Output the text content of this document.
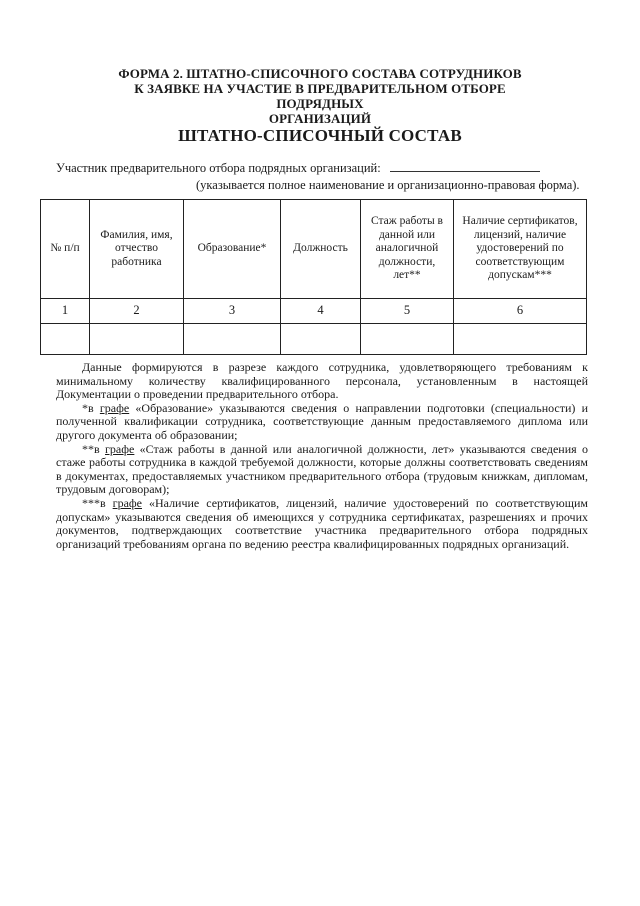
ФОРМА 2. ШТАТНО-СПИСОЧНОГО СОСТАВА СОТРУДНИКОВ
К ЗАЯВКЕ НА УЧАСТИЕ В ПРЕДВАРИТЕЛЬНОМ ОТБОРЕ ПОДРЯДНЫХ
ОРГАНИЗАЦИЙ
ШТАТНО-СПИСОЧНЫЙ СОСТАВ
Участник предварительного отбора подрядных организаций:
(указывается полное наименование и организационно-правовая форма).
№ п/п	Фамилия, имя, отчество работника	Образование*	Должность	Стаж работы в данной или аналогичной должности, лет**	Наличие сертификатов, лицензий, наличие удостоверений по соответствующим допускам***
1	2	3	4	5	6

Данные формируются в разрезе каждого сотрудника, удовлетворяющего требованиям к минимальному количеству квалифицированного персонала, установленным в настоящей Документации о проведении предварительного отбора.

*в графе «Образование» указываются сведения о направлении подготовки (специальности) и полученной квалификации сотрудника, соответствующие данным предоставляемого диплома или другого документа об образовании;

**в графе «Стаж работы в данной или аналогичной должности, лет» указываются сведения о стаже работы сотрудника в каждой требуемой должности, которые должны соответствовать сведениям в документах, предоставляемых участником предварительного отбора (трудовым книжкам, дипломам, трудовым договорам);

***в графе «Наличие сертификатов, лицензий, наличие удостоверений по соответствующим допускам» указываются сведения об имеющихся у сотрудника сертификатах, разрешениях и прочих документов, подтверждающих соответствие участника предварительного отбора подрядных организаций требованиям органа по ведению реестра квалифицированных подрядных организаций.
